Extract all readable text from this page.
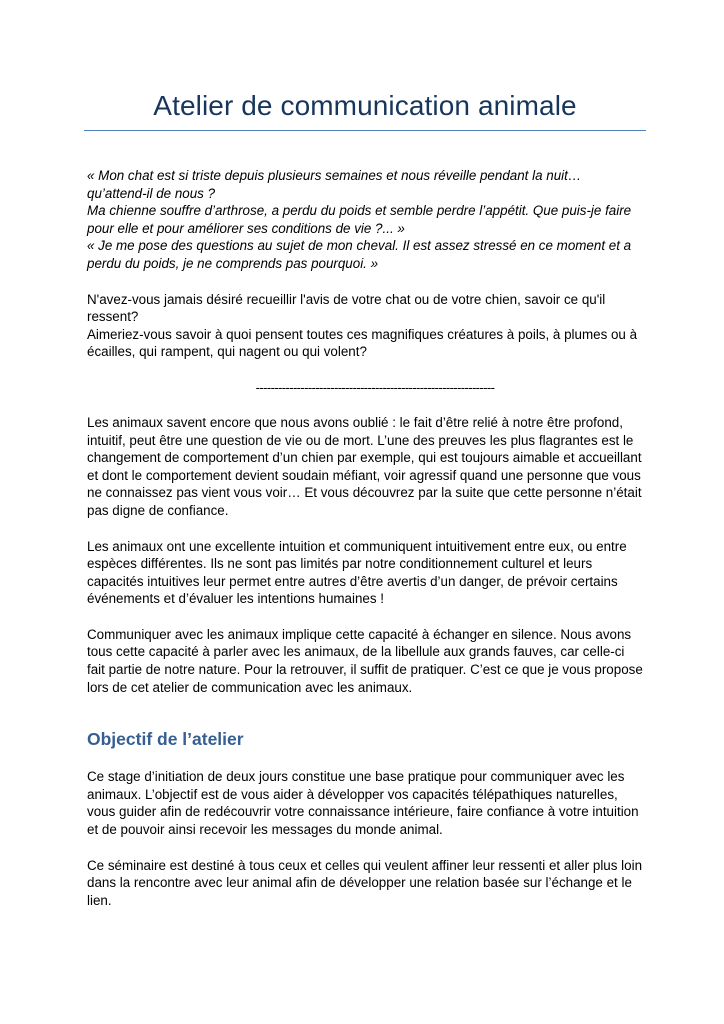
Atelier de communication animale

« Mon chat est si triste depuis plusieurs semaines et nous réveille pendant la nuit… qu’attend-il de nous ?

Ma chienne souffre d’arthrose, a perdu du poids et semble perdre l’appétit. Que puis-je faire pour elle et pour améliorer ses conditions de vie ?... »

« Je me pose des questions au sujet de mon cheval. Il est assez stressé en ce moment et a perdu du poids, je ne comprends pas pourquoi. »

N'avez-vous jamais désiré recueillir l'avis de votre chat ou de votre chien, savoir ce qu'il ressent?

Aimeriez-vous savoir à quoi pensent toutes ces magnifiques créatures à poils, à plumes ou à écailles, qui rampent, qui nagent ou qui volent?

----------------------------------------------------------------

Les animaux savent encore que nous avons oublié : le fait d’être relié à notre être profond, intuitif, peut être une question de vie ou de mort. L’une des preuves les plus flagrantes est le changement de comportement d’un chien par exemple, qui est toujours aimable et accueillant et dont le comportement devient soudain méfiant, voir agressif quand une personne que vous ne connaissez pas vient vous voir… Et vous découvrez par la suite que cette personne n’était pas digne de confiance.

Les animaux ont une excellente intuition et communiquent intuitivement entre eux, ou entre espèces différentes. Ils ne sont pas limités par notre conditionnement culturel et leurs capacités intuitives leur permet entre autres d’être avertis d’un danger, de prévoir certains événements et d’évaluer les intentions humaines !

Communiquer avec les animaux implique cette capacité à échanger en silence. Nous avons tous cette capacité à parler avec les animaux, de la libellule aux grands fauves, car celle-ci fait partie de notre nature. Pour la retrouver, il suffit de pratiquer. C’est ce que je vous propose lors de cet atelier de communication avec les animaux.

Objectif de l’atelier

Ce stage d’initiation de deux jours constitue une base pratique pour communiquer avec les animaux. L’objectif est de vous aider à développer vos capacités télépathiques naturelles, vous guider afin de redécouvrir votre connaissance intérieure, faire confiance à votre intuition et de pouvoir ainsi recevoir les messages du monde animal.

Ce séminaire est destiné à tous ceux et celles qui veulent affiner leur ressenti et aller plus loin dans la rencontre avec leur animal afin de développer une relation basée sur l’échange et le lien.
